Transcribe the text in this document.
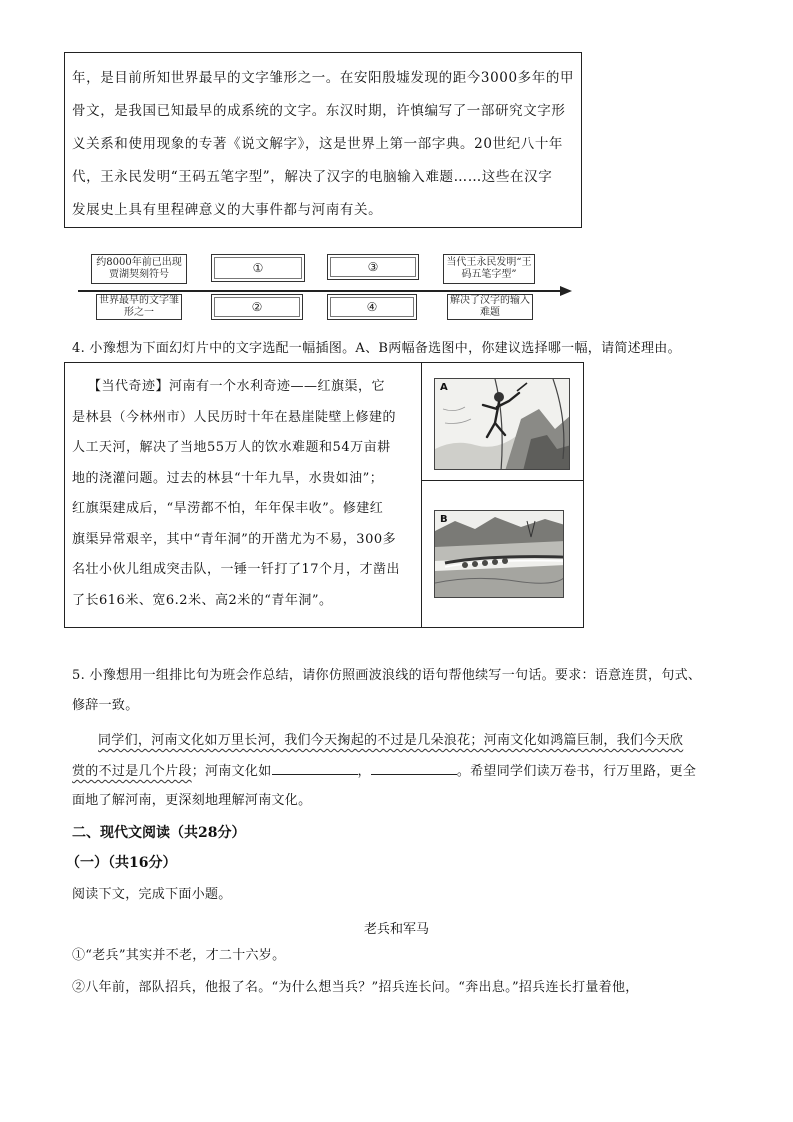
年，是目前所知世界最早的文字雏形之一。在安阳殷墟发现的距今3000多年的甲
骨文，是我国已知最早的成系统的文字。东汉时期，许慎编写了一部研究文字形
义关系和使用现象的专著《说文解字》，这是世界上第一部字典。20世纪八十年
代，王永民发明“王码五笔字型”，解决了汉字的电脑输入难题……这些在汉字
发展史上具有里程碑意义的大事件都与河南有关。
约8000年前已出现贾湖契刻符号	①	③	当代王永民发明“王码五笔字型”
世界最早的文字雏形之一	②	④	解决了汉字的输入难题
4. 小豫想为下面幻灯片中的文字选配一幅插图。A、B两幅备选图中，你建议选择哪一幅，请简述理由。
【当代奇迹】河南有一个水利奇迹——红旗渠，它
是林县（今林州市）人民历时十年在悬崖陡壁上修建的
人工天河，解决了当地55万人的饮水难题和54万亩耕
地的浇灌问题。过去的林县“十年九旱，水贵如油”；
红旗渠建成后，“旱涝都不怕，年年保丰收”。修建红
旗渠异常艰辛，其中“青年洞”的开凿尤为不易，300多
名壮小伙儿组成突击队，一锤一钎打了17个月，才凿出
了长616米、宽6.2米、高2米的“青年洞”。
A
B
5. 小豫想用一组排比句为班会作总结，请你仿照画波浪线的语句帮他续写一句话。要求：语意连贯，句式、
修辞一致。
同学们，河南文化如万里长河，我们今天掬起的不过是几朵浪花；河南文化如鸿篇巨制，我们今天欣
赏的不过是几个片段；河南文化如	，	。希望同学们读万卷书，行万里路，更全
面地了解河南，更深刻地理解河南文化。
二、现代文阅读（共28分）
（一）（共16分）
阅读下文，完成下面小题。
老兵和军马
①“老兵”其实并不老，才二十六岁。
②八年前，部队招兵，他报了名。“为什么想当兵？”招兵连长问。“奔出息。”招兵连长打量着他，
